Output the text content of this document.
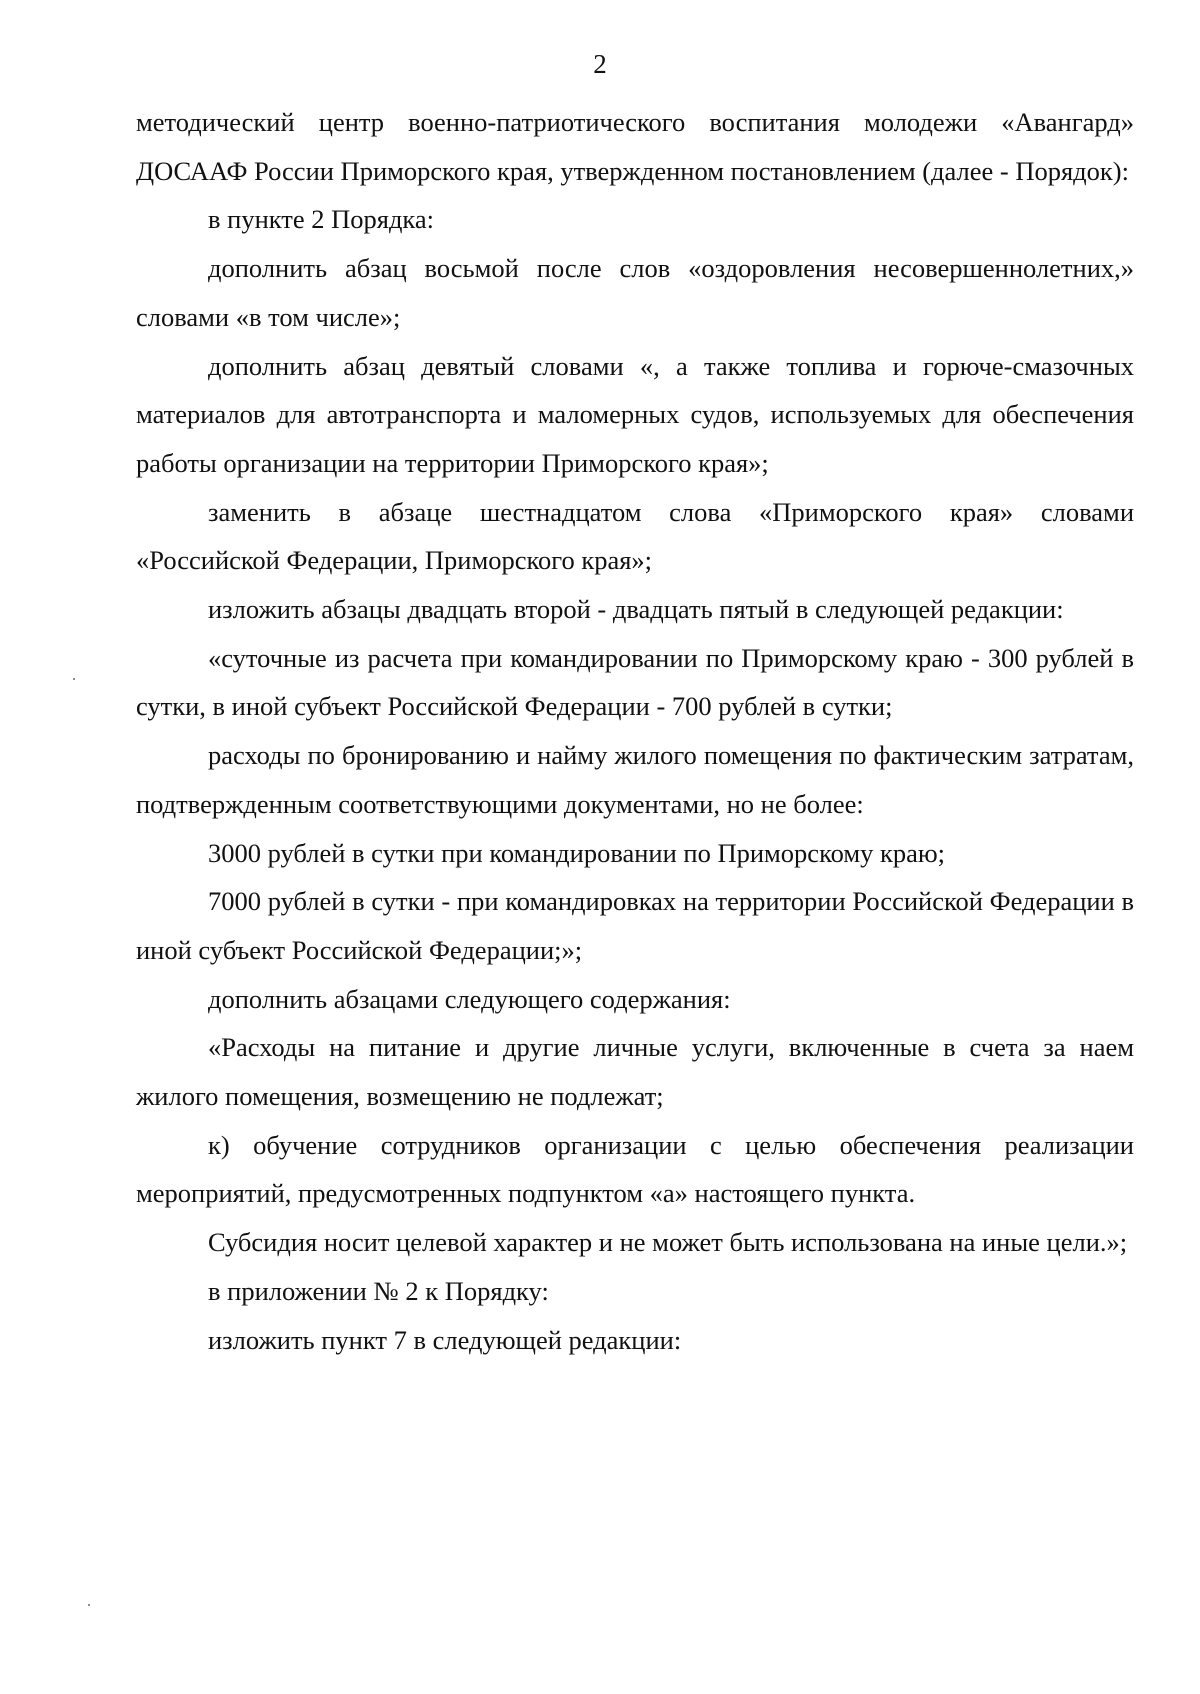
2

методический центр военно-патриотического воспитания молодежи «Авангард» ДОСААФ России Приморского края, утвержденном постановлением (далее - Порядок):

в пункте 2 Порядка:

дополнить абзац восьмой после слов «оздоровления несовершеннолетних,» словами «в том числе»;

дополнить абзац девятый словами «, а также топлива и горюче-смазочных материалов для автотранспорта и маломерных судов, используемых для обеспечения работы организации на территории Приморского края»;

заменить в абзаце шестнадцатом слова «Приморского края» словами «Российской Федерации, Приморского края»;

изложить абзацы двадцать второй - двадцать пятый в следующей редакции:

«суточные из расчета при командировании по Приморскому краю - 300 рублей в сутки, в иной субъект Российской Федерации - 700 рублей в сутки;

расходы по бронированию и найму жилого помещения по фактическим затратам, подтвержденным соответствующими документами, но не более:

3000 рублей в сутки при командировании по Приморскому краю;

7000 рублей в сутки - при командировках на территории Российской Федерации в иной субъект Российской Федерации;»;

дополнить абзацами следующего содержания:

«Расходы на питание и другие личные услуги, включенные в счета за наем жилого помещения, возмещению не подлежат;

к) обучение сотрудников организации с целью обеспечения реализации мероприятий, предусмотренных подпунктом «а» настоящего пункта.

Субсидия носит целевой характер и не может быть использована на иные цели.»;

в приложении № 2 к Порядку:

изложить пункт 7 в следующей редакции:
